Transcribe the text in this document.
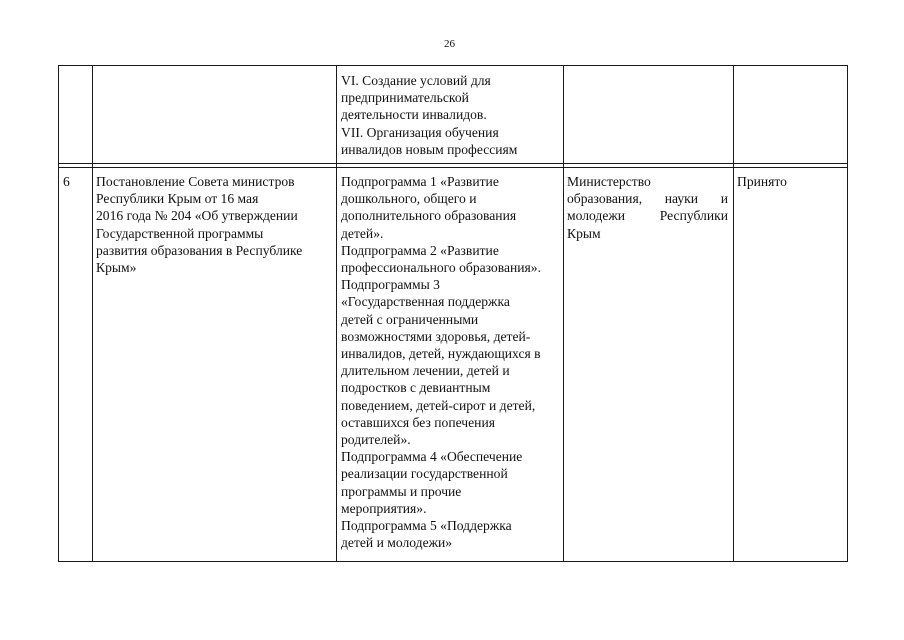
26
VI. Создание условий для
предпринимательской
деятельности инвалидов.
VII. Организация обучения
инвалидов новым профессиям
6 Постановление Совета министров
Республики Крым от 16 мая
2016 года № 204 «Об утверждении
Государственной программы
развития образования в Республике
Крым»
Подпрограмма 1 «Развитие
дошкольного, общего и
дополнительного образования
детей».
Подпрограмма 2 «Развитие
профессионального образования».
Подпрограммы 3
«Государственная поддержка
детей с ограниченными
возможностями здоровья, детей-
инвалидов, детей, нуждающихся в
длительном лечении, детей и
подростков с девиантным
поведением, детей-сирот и детей,
оставшихся без попечения
родителей».
Подпрограмма 4 «Обеспечение
реализации государственной
программы и прочие
мероприятия».
Подпрограмма 5 «Поддержка
детей и молодежи»
Министерство
образования, науки и
молодежи	Республики
Крым
Принято
